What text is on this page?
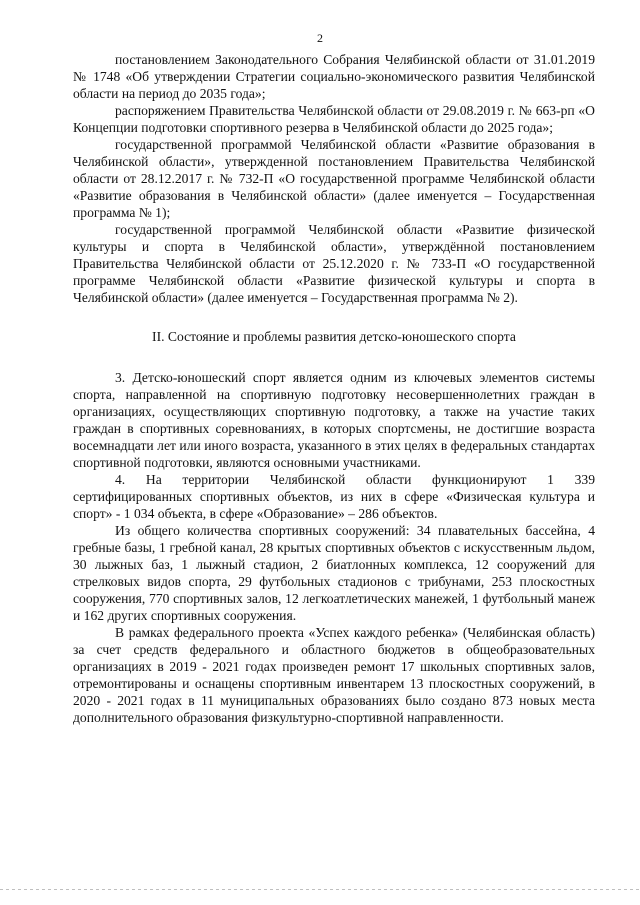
2

постановлением Законодательного Собрания Челябинской области от 31.01.2019 № 1748 «Об утверждении Стратегии социально-экономического развития Челябинской области на период до 2035 года»;

распоряжением Правительства Челябинской области от 29.08.2019 г. № 663-рп «О Концепции подготовки спортивного резерва в Челябинской области до 2025 года»;

государственной программой Челябинской области «Развитие образования в Челябинской области», утвержденной постановлением Правительства Челябинской области от 28.12.2017 г. № 732-П «О государственной программе Челябинской области «Развитие образования в Челябинской области» (далее именуется – Государственная программа № 1);

государственной программой Челябинской области «Развитие физической культуры и спорта в Челябинской области», утверждённой постановлением Правительства Челябинской области от 25.12.2020 г. № 733-П «О государственной программе Челябинской области «Развитие физической культуры и спорта в Челябинской области» (далее именуется – Государственная программа № 2).

II. Состояние и проблемы развития детско-юношеского спорта

3. Детско-юношеский спорт является одним из ключевых элементов системы спорта, направленной на спортивную подготовку несовершеннолетних граждан в организациях, осуществляющих спортивную подготовку, а также на участие таких граждан в спортивных соревнованиях, в которых спортсмены, не достигшие возраста восемнадцати лет или иного возраста, указанного в этих целях в федеральных стандартах спортивной подготовки, являются основными участниками.

4. На территории Челябинской области функционируют 1 339 сертифицированных спортивных объектов, из них в сфере «Физическая культура и спорт» - 1 034 объекта, в сфере «Образование» – 286 объектов.

Из общего количества спортивных сооружений: 34 плавательных бассейна, 4 гребные базы, 1 гребной канал, 28 крытых спортивных объектов с искусственным льдом, 30 лыжных баз, 1 лыжный стадион, 2 биатлонных комплекса, 12 сооружений для стрелковых видов спорта, 29 футбольных стадионов с трибунами, 253 плоскостных сооружения, 770 спортивных залов, 12 легкоатлетических манежей, 1 футбольный манеж и 162 других спортивных сооружения.

В рамках федерального проекта «Успех каждого ребенка» (Челябинская область) за счет средств федерального и областного бюджетов в общеобразовательных организациях в 2019 - 2021 годах произведен ремонт 17 школьных спортивных залов, отремонтированы и оснащены спортивным инвентарем 13 плоскостных сооружений, в 2020 - 2021 годах в 11 муниципальных образованиях было создано 873 новых места дополнительного образования физкультурно-спортивной направленности.
